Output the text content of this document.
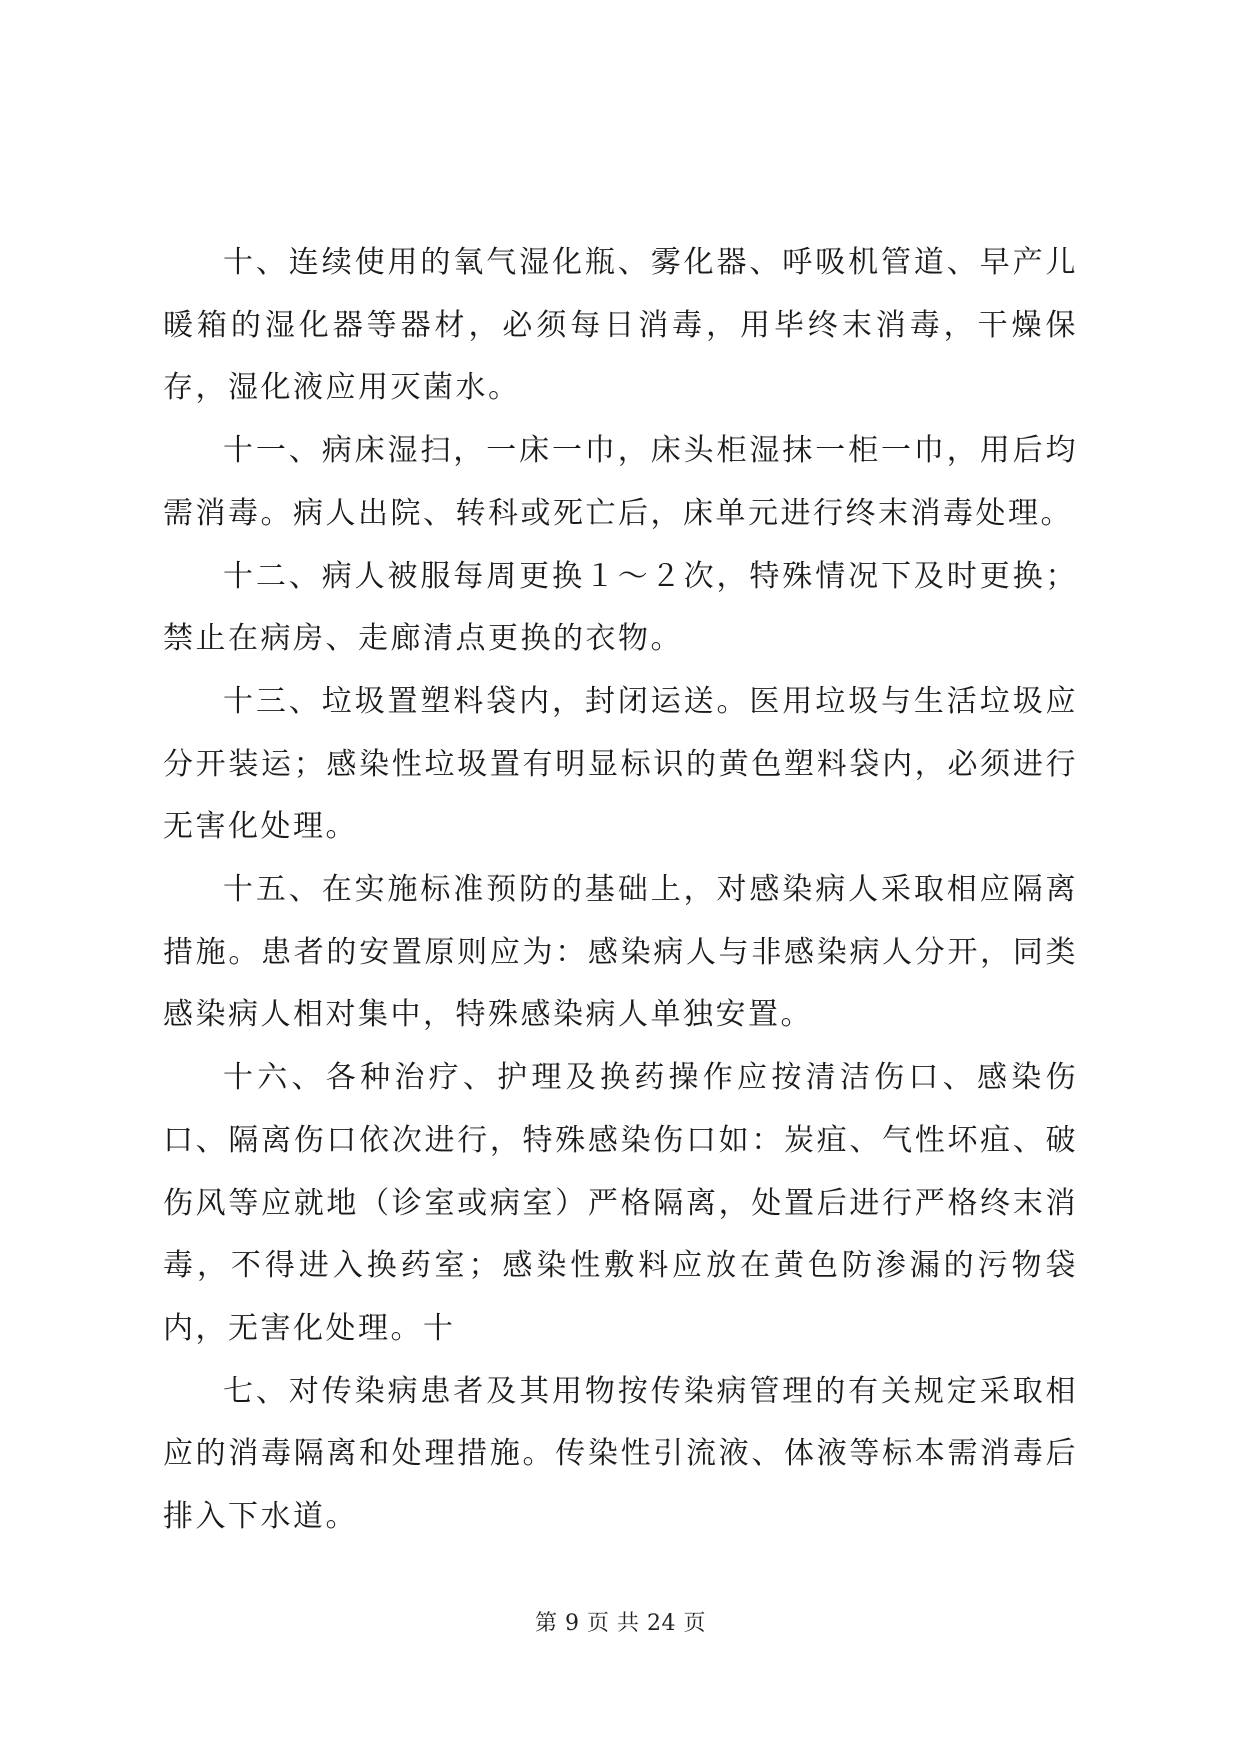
十、连续使用的氧气湿化瓶、雾化器、呼吸机管道、早产儿暖箱的湿化器等器材，必须每日消毒，用毕终末消毒，干燥保存，湿化液应用灭菌水。

十一、病床湿扫，一床一巾，床头柜湿抹一柜一巾，用后均需消毒。病人出院、转科或死亡后，床单元进行终末消毒处理。

十二、病人被服每周更换１～２次，特殊情况下及时更换；禁止在病房、走廊清点更换的衣物。

十三、垃圾置塑料袋内，封闭运送。医用垃圾与生活垃圾应分开装运；感染性垃圾置有明显标识的黄色塑料袋内，必须进行无害化处理。

十五、在实施标准预防的基础上，对感染病人采取相应隔离措施。患者的安置原则应为：感染病人与非感染病人分开，同类感染病人相对集中，特殊感染病人单独安置。

十六、各种治疗、护理及换药操作应按清洁伤口、感染伤口、隔离伤口依次进行，特殊感染伤口如：炭疽、气性坏疽、破伤风等应就地（诊室或病室）严格隔离，处置后进行严格终末消毒，不得进入换药室；感染性敷料应放在黄色防渗漏的污物袋内，无害化处理。十

七、对传染病患者及其用物按传染病管理的有关规定采取相应的消毒隔离和处理措施。传染性引流液、体液等标本需消毒后排入下水道。

第 9 页 共 24 页
